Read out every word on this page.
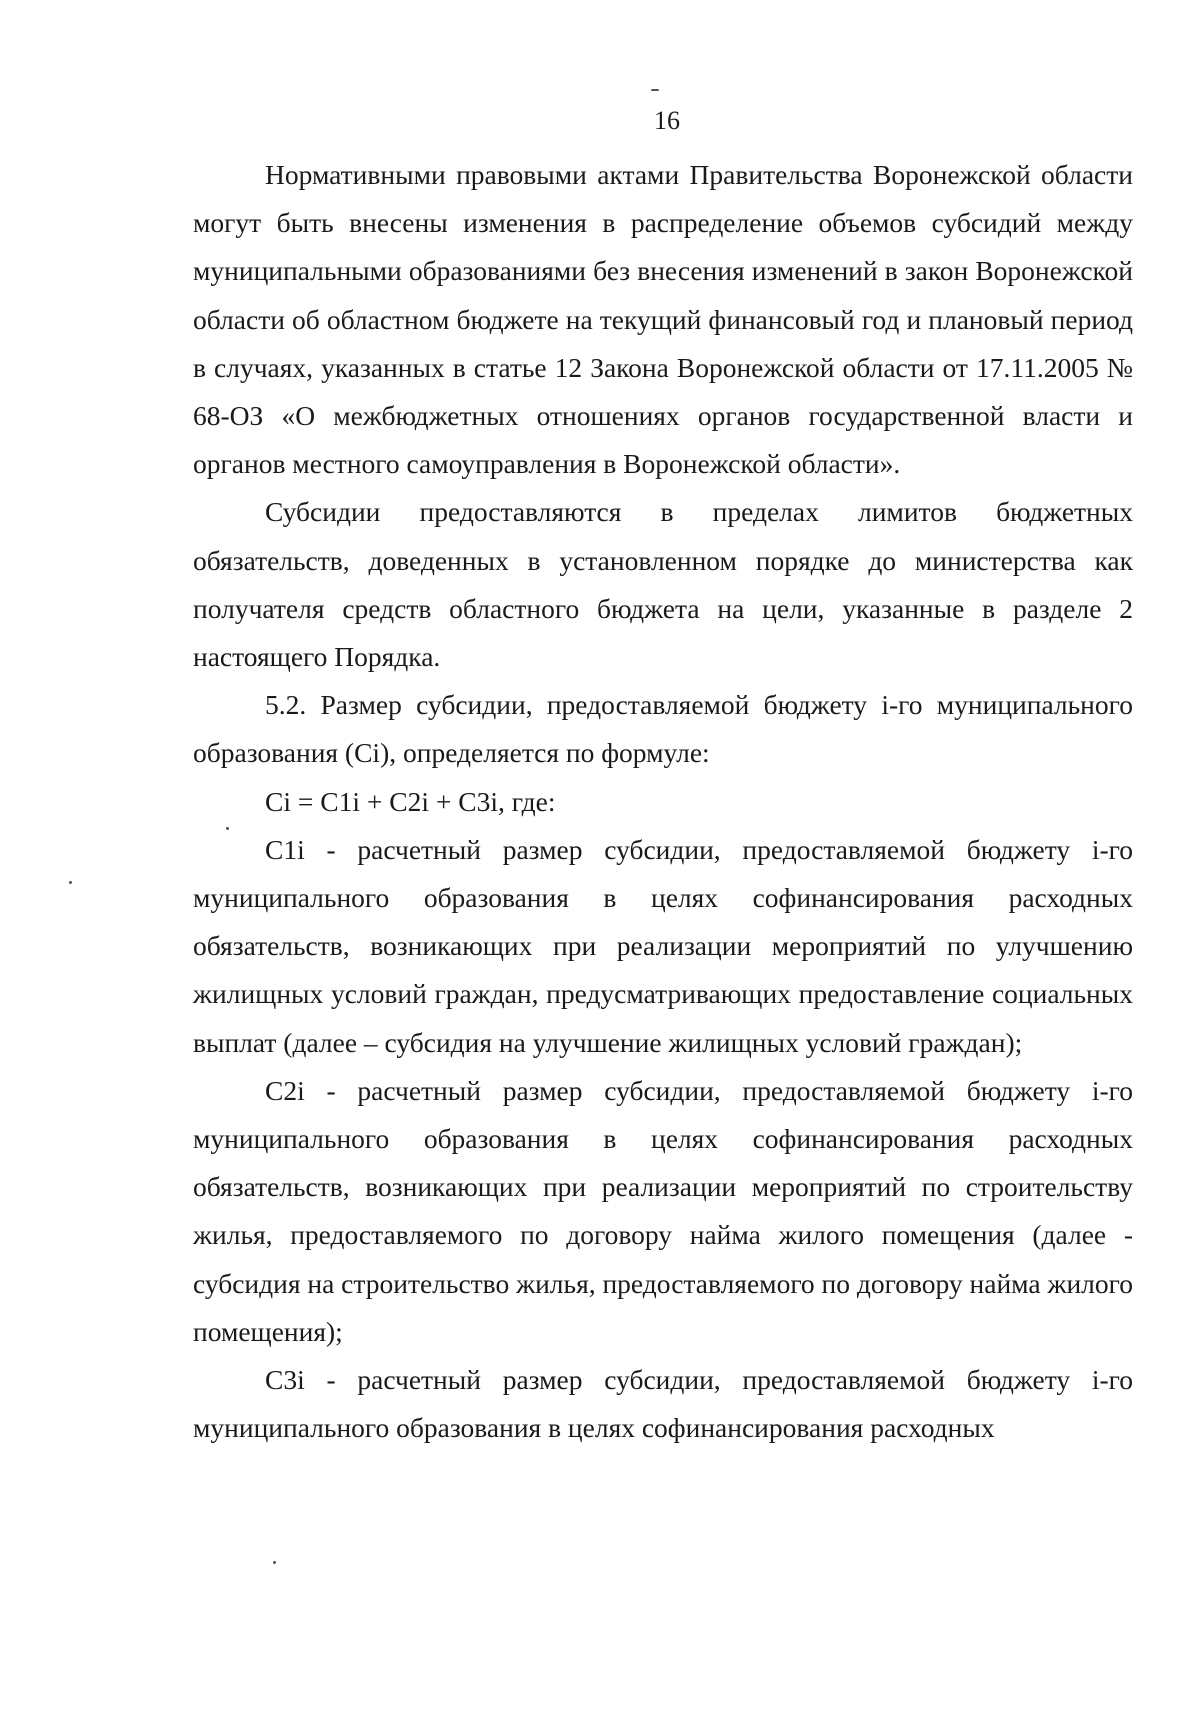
16

Нормативными правовыми актами Правительства Воронежской области могут быть внесены изменения в распределение объемов субсидий между муниципальными образованиями без внесения изменений в закон Воронежской области об областном бюджете на текущий финансовый год и плановый период в случаях, указанных в статье 12 Закона Воронежской области от 17.11.2005 № 68-ОЗ «О межбюджетных отношениях органов государственной власти и органов местного самоуправления в Воронежской области».

Субсидии предоставляются в пределах лимитов бюджетных обязательств, доведенных в установленном порядке до министерства как получателя средств областного бюджета на цели, указанные в разделе 2 настоящего Порядка.

5.2. Размер субсидии, предоставляемой бюджету i-го муниципального образования (Ci), определяется по формуле:

Ci = C1i + C2i + C3i, где:

C1i - расчетный размер субсидии, предоставляемой бюджету i-го муниципального образования в целях софинансирования расходных обязательств, возникающих при реализации мероприятий по улучшению жилищных условий граждан, предусматривающих предоставление социальных выплат (далее – субсидия на улучшение жилищных условий граждан);

C2i - расчетный размер субсидии, предоставляемой бюджету i-го муниципального образования в целях софинансирования расходных обязательств, возникающих при реализации мероприятий по строительству жилья, предоставляемого по договору найма жилого помещения (далее - субсидия на строительство жилья, предоставляемого по договору найма жилого помещения);

C3i - расчетный размер субсидии, предоставляемой бюджету i-го муниципального образования в целях софинансирования расходных
